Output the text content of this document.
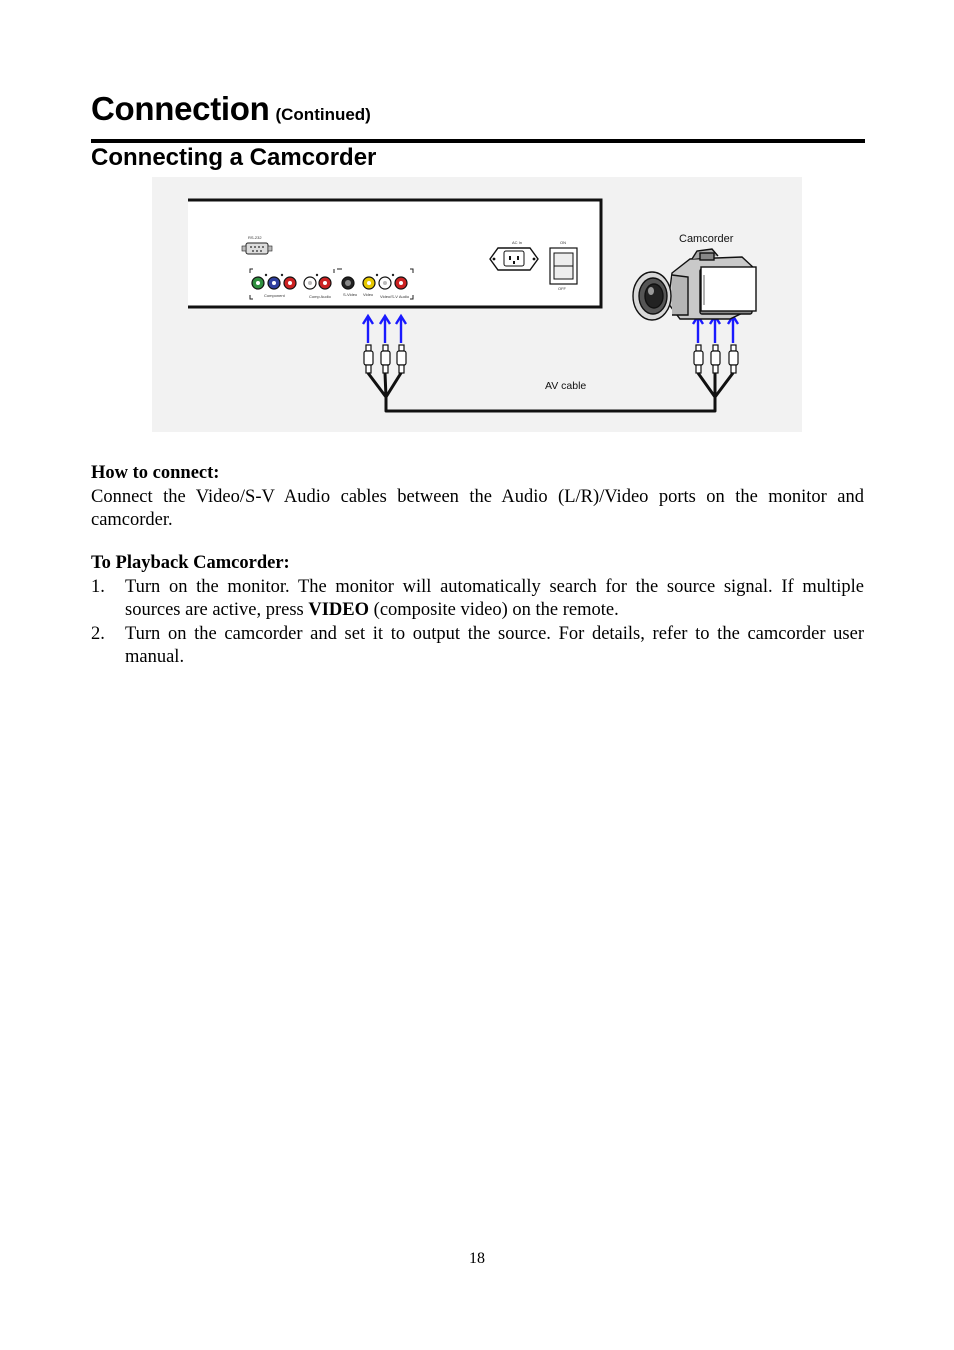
Connection (Continued)
Connecting a Camcorder
RS-232
Component	Comp Audio	S-Video Video Video/S-V Audio
AC In	ON
OFF
AV cable
Camcorder
How to connect:

Connect the Video/S-V Audio cables between the Audio (L/R)/Video ports on the monitor and camcorder.

To Playback Camcorder:
1. Turn on the monitor. The monitor will automatically search for the source signal. If multiple sources are active, press VIDEO (composite video) on the remote.
2. Turn on the camcorder and set it to output the source. For details, refer to the camcorder user manual.
18
